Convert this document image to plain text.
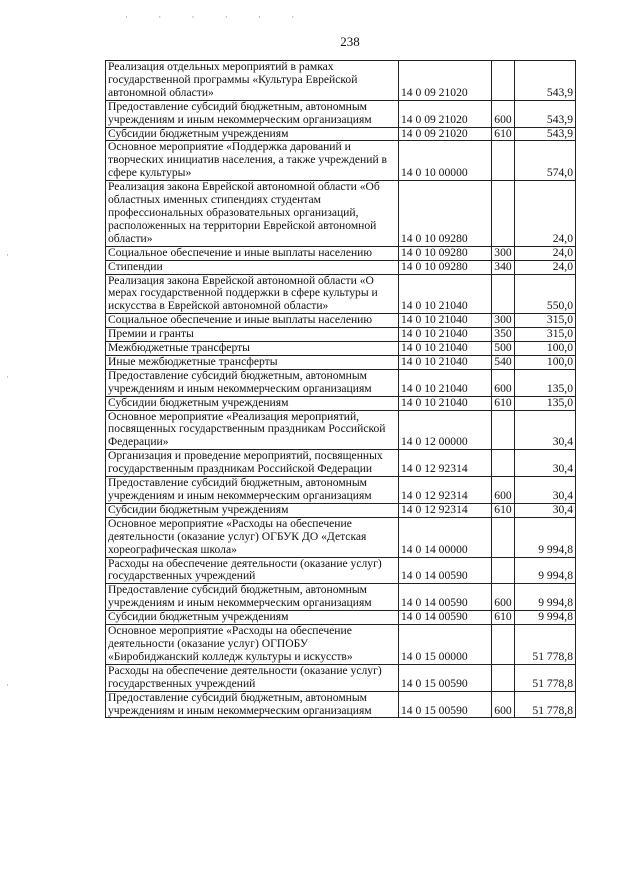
· · · · · ·
238
·
·
·
Реализация отдельных мероприятий в рамках государственной программы «Культура Еврейской автономной области»	14 0 09 21020		543,9
Предоставление субсидий бюджетным, автономным учреждениям и иным некоммерческим организациям	14 0 09 21020	600	543,9
Субсидии бюджетным учреждениям	14 0 09 21020	610	543,9
Основное мероприятие «Поддержка дарований и творческих инициатив населения, а также учреждений в сфере культуры»	14 0 10 00000		574,0
Реализация закона Еврейской автономной области «Об областных именных стипендиях студентам профессиональных образовательных организаций, расположенных на территории Еврейской автономной области»	14 0 10 09280		24,0
Социальное обеспечение и иные выплаты населению	14 0 10 09280	300	24,0
Стипендии	14 0 10 09280	340	24,0
Реализация закона Еврейской автономной области «О мерах государственной поддержки в сфере культуры и искусства в Еврейской автономной области»	14 0 10 21040		550,0
Социальное обеспечение и иные выплаты населению	14 0 10 21040	300	315,0
Премии и гранты	14 0 10 21040	350	315,0
Межбюджетные трансферты	14 0 10 21040	500	100,0
Иные межбюджетные трансферты	14 0 10 21040	540	100,0
Предоставление субсидий бюджетным, автономным учреждениям и иным некоммерческим организациям	14 0 10 21040	600	135,0
Субсидии бюджетным учреждениям	14 0 10 21040	610	135,0
Основное мероприятие «Реализация мероприятий, посвященных государственным праздникам Российской Федерации»	14 0 12 00000		30,4
Организация и проведение мероприятий, посвященных государственным праздникам Российской Федерации	14 0 12 92314		30,4
Предоставление субсидий бюджетным, автономным учреждениям и иным некоммерческим организациям	14 0 12 92314	600	30,4
Субсидии бюджетным учреждениям	14 0 12 92314	610	30,4
Основное мероприятие «Расходы на обеспечение деятельности (оказание услуг) ОГБУК ДО «Детская хореографическая школа»	14 0 14 00000		9 994,8
Расходы на обеспечение деятельности (оказание услуг) государственных учреждений	14 0 14 00590		9 994,8
Предоставление субсидий бюджетным, автономным учреждениям и иным некоммерческим организациям	14 0 14 00590	600	9 994,8
Субсидии бюджетным учреждениям	14 0 14 00590	610	9 994,8
Основное мероприятие «Расходы на обеспечение деятельности (оказание услуг) ОГПОБУ «Биробиджанский колледж культуры и искусств»	14 0 15 00000		51 778,8
Расходы на обеспечение деятельности (оказание услуг) государственных учреждений	14 0 15 00590		51 778,8
Предоставление субсидий бюджетным, автономным учреждениям и иным некоммерческим организациям	14 0 15 00590	600	51 778,8
